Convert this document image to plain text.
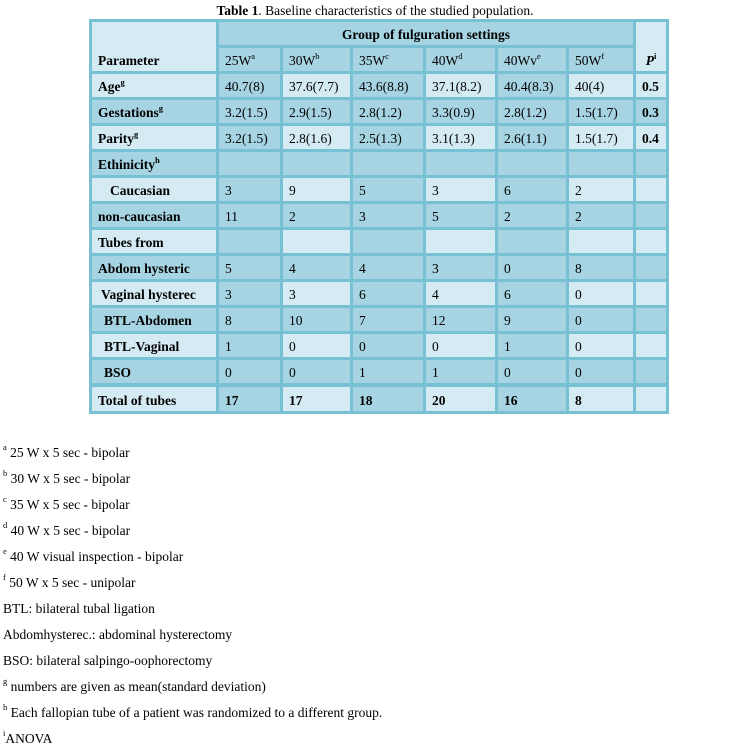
Table 1. Baseline characteristics of the studied population.
Parameter	Group of fulguration settings						$P^i$
	$25W^a$	$30W^b$	$35W^c$	$40W^d$	40Wv$^e$	$50W^f$
Age$^g$	40.7(8)	37.6(7.7)	43.6(8.8)	37.1(8.2)	40.4(8.3)	40(4)	0.5
Gestations$^g$	3.2(1.5)	2.9(1.5)	2.8(1.2)	3.3(0.9)	2.8(1.2)	1.5(1.7)	0.3
Parity$^g$	3.2(1.5)	2.8(1.6)	2.5(1.3)	3.1(1.3)	2.6(1.1)	1.5(1.7)	0.4
Ethinicity$^h$							
Caucasian	3	9	5	3	6	2	
non-caucasian	11	2	3	5	2	2	
Tubes from							
Abdom hysteric	5	4	4	3	0	8	
Vaginal hysterec	3	3	6	4	6	0	
BTL-Abdomen	8	10	7	12	9	0	
BTL-Vaginal	1	0	0	0	1	0	
BSO	0	0	1	1	0	0	
Total of tubes	17	17	18	20	16	8	
$^a$ 25 W x 5 sec - bipolar
$^b$ 30 W x 5 sec - bipolar
$^c$ 35 W x 5 sec - bipolar
$^d$ 40 W x 5 sec - bipolar
$^e$ 40 W visual inspection - bipolar
$^f$ 50 W x 5 sec - unipolar
BTL: bilateral tubal ligation
Abdomhysterec.: abdominal hysterectomy
BSO: bilateral salpingo-oophorectomy
$^g$ numbers are given as mean(standard deviation)
$^h$ Each fallopian tube of a patient was randomized to a different group.
$^i$ANOVA
